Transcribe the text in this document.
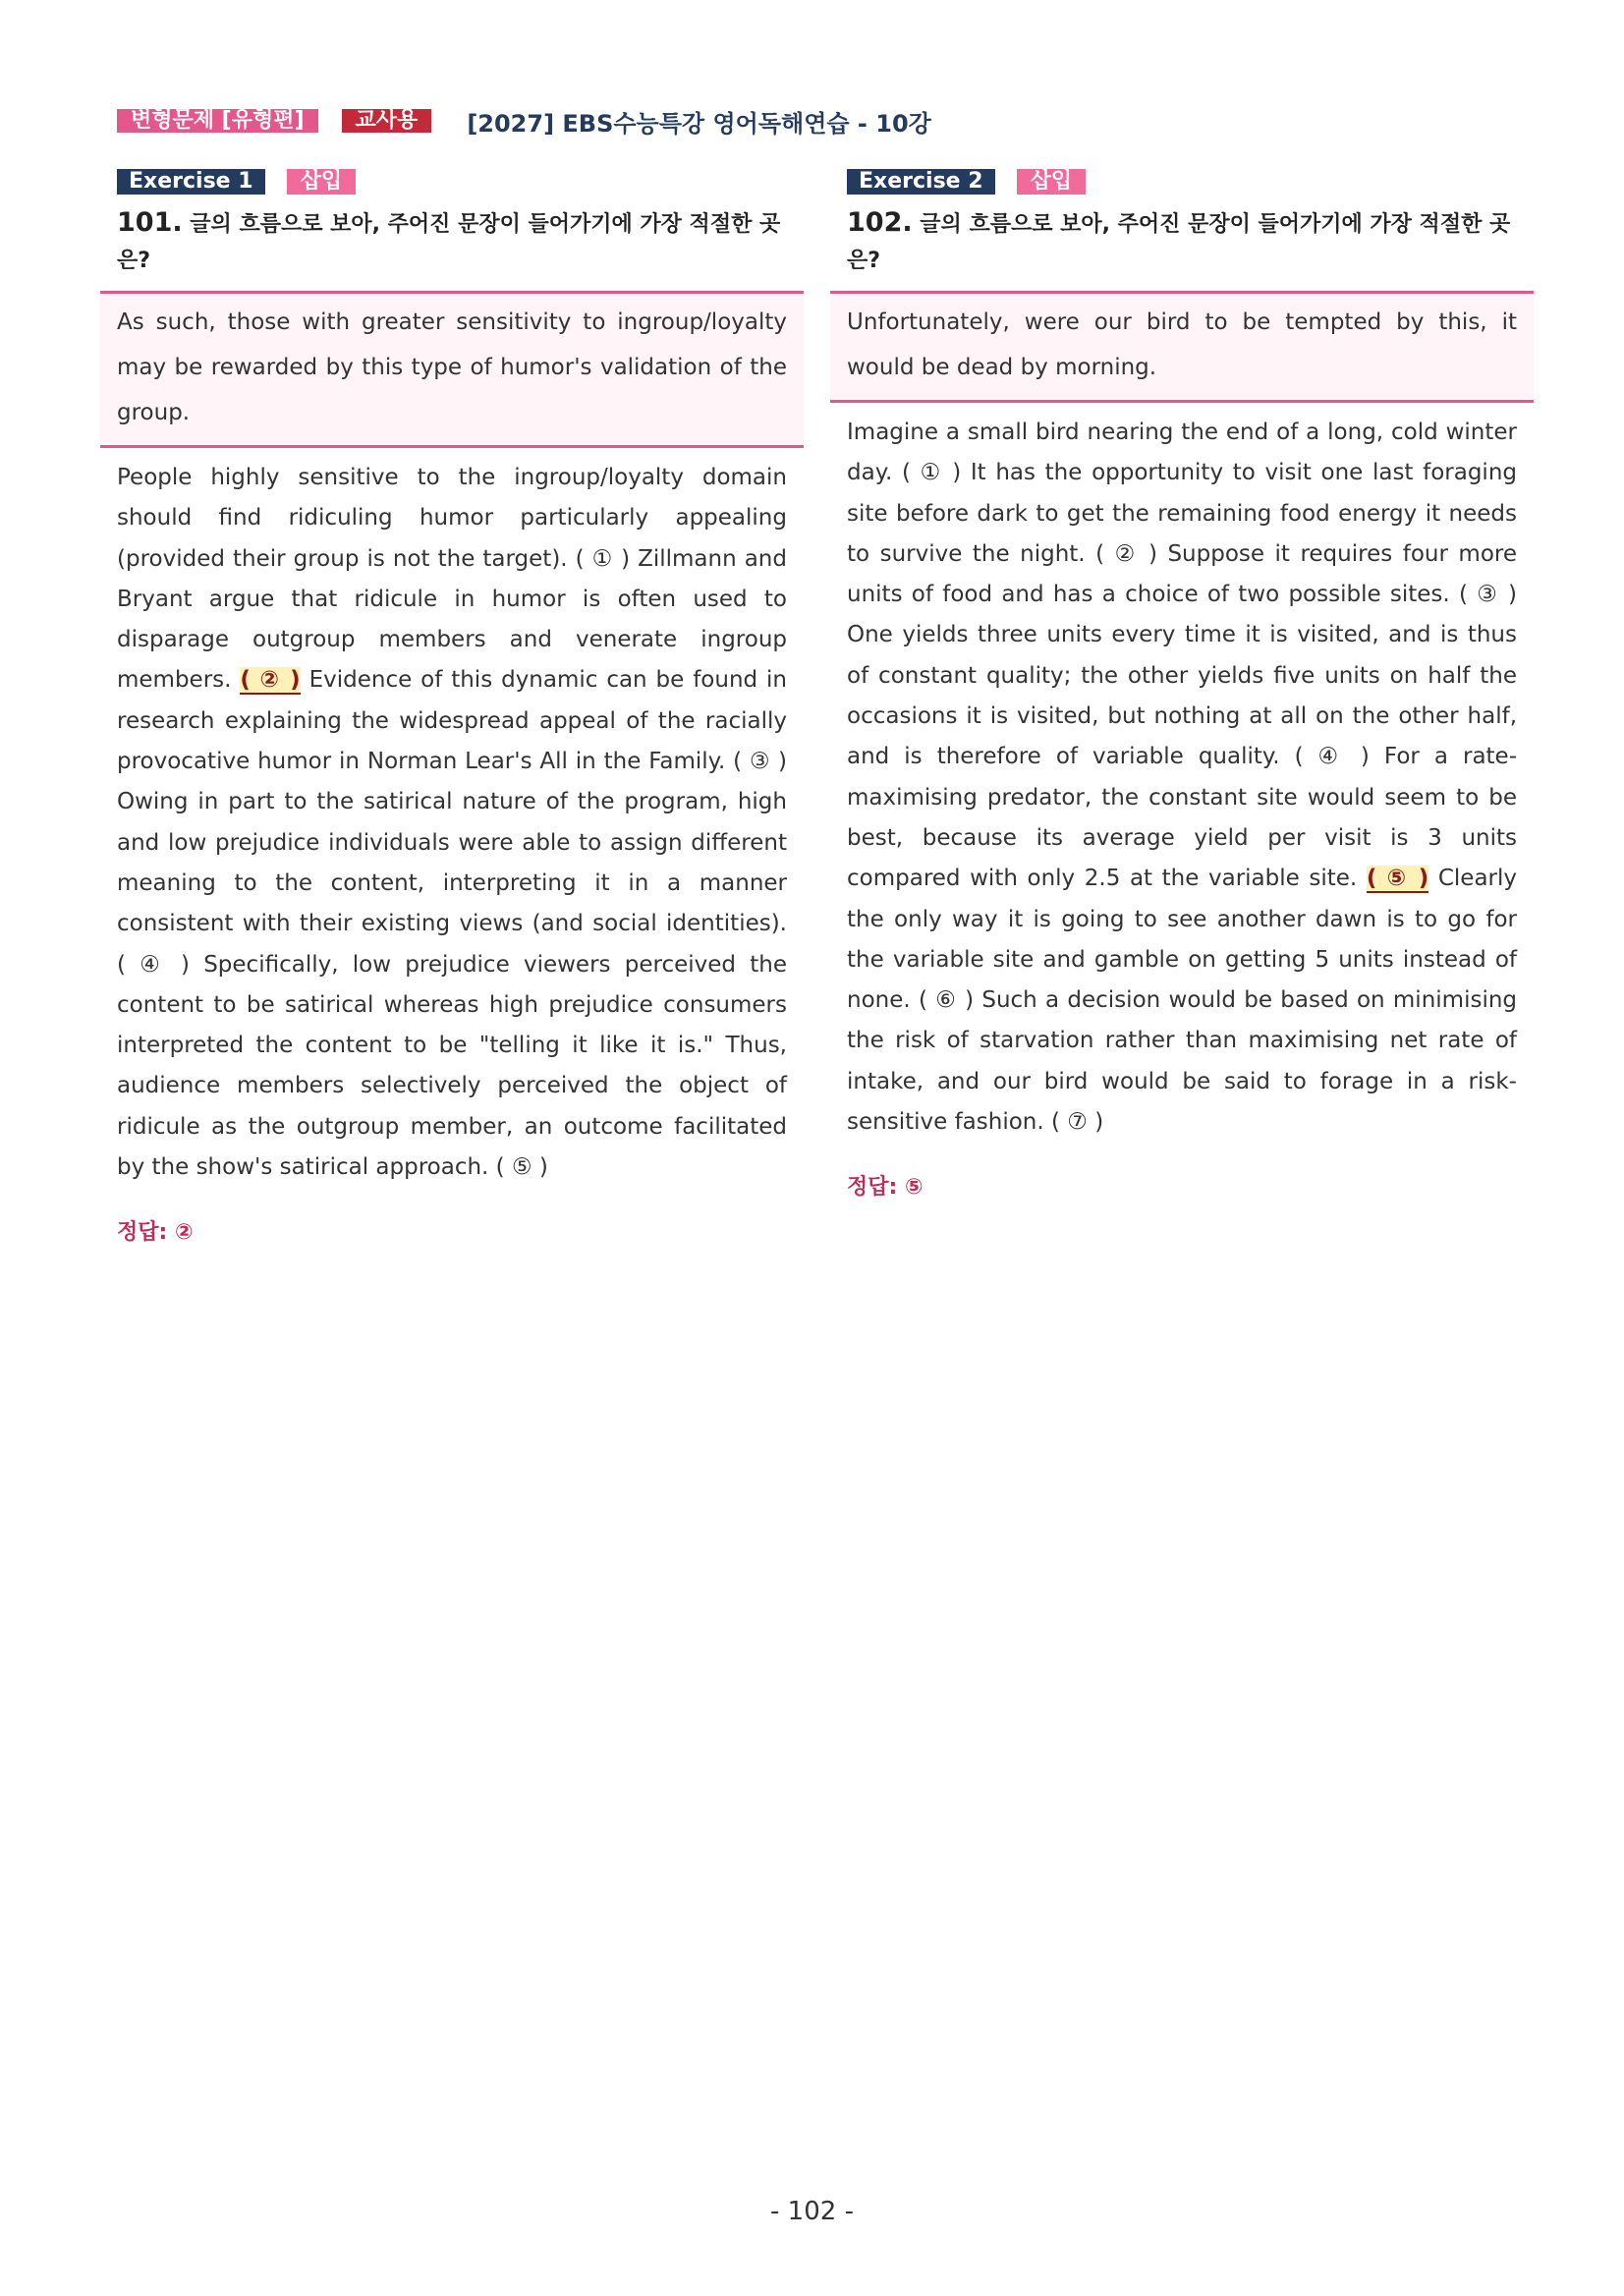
변형문제 [유형편]	교사용	[2027] EBS수능특강 영어독해연습 - 10강
Exercise 1	삽입
101. 글의 흐름으로 보아, 주어진 문장이 들어가기에 가장 적절한 곳은?

As such, those with greater sensitivity to ingroup/loyalty may be rewarded by this type of humor's validation of the group.

People highly sensitive to the ingroup/loyalty domain should find ridiculing humor particularly appealing (provided their group is not the target). ( ① ) Zillmann and Bryant argue that ridicule in humor is often used to disparage outgroup members and venerate ingroup members. ( ② ) Evidence of this dynamic can be found in research explaining the widespread appeal of the racially provocative humor in Norman Lear's All in the Family. ( ③ ) Owing in part to the satirical nature of the program, high and low prejudice individuals were able to assign different meaning to the content, interpreting it in a manner consistent with their existing views (and social identities). ( ④ ) Specifically, low prejudice viewers perceived the content to be satirical whereas high prejudice consumers interpreted the content to be "telling it like it is." Thus, audience members selectively perceived the object of ridicule as the outgroup member, an outcome facilitated by the show's satirical approach. ( ⑤ )
정답: ②
Exercise 2	삽입
102. 글의 흐름으로 보아, 주어진 문장이 들어가기에 가장 적절한 곳은?

Unfortunately, were our bird to be tempted by this, it would be dead by morning.

Imagine a small bird nearing the end of a long, cold winter day. ( ① ) It has the opportunity to visit one last foraging site before dark to get the remaining food energy it needs to survive the night. ( ② ) Suppose it requires four more units of food and has a choice of two possible sites. ( ③ ) One yields three units every time it is visited, and is thus of constant quality; the other yields five units on half the occasions it is visited, but nothing at all on the other half, and is therefore of variable quality. ( ④ ) For a rate-maximising predator, the constant site would seem to be best, because its average yield per visit is 3 units compared with only 2.5 at the variable site. ( ⑤ ) Clearly the only way it is going to see another dawn is to go for the variable site and gamble on getting 5 units instead of none. ( ⑥ ) Such a decision would be based on minimising the risk of starvation rather than maximising net rate of intake, and our bird would be said to forage in a risk-sensitive fashion. ( ⑦ )
정답: ⑤
- 102 -
